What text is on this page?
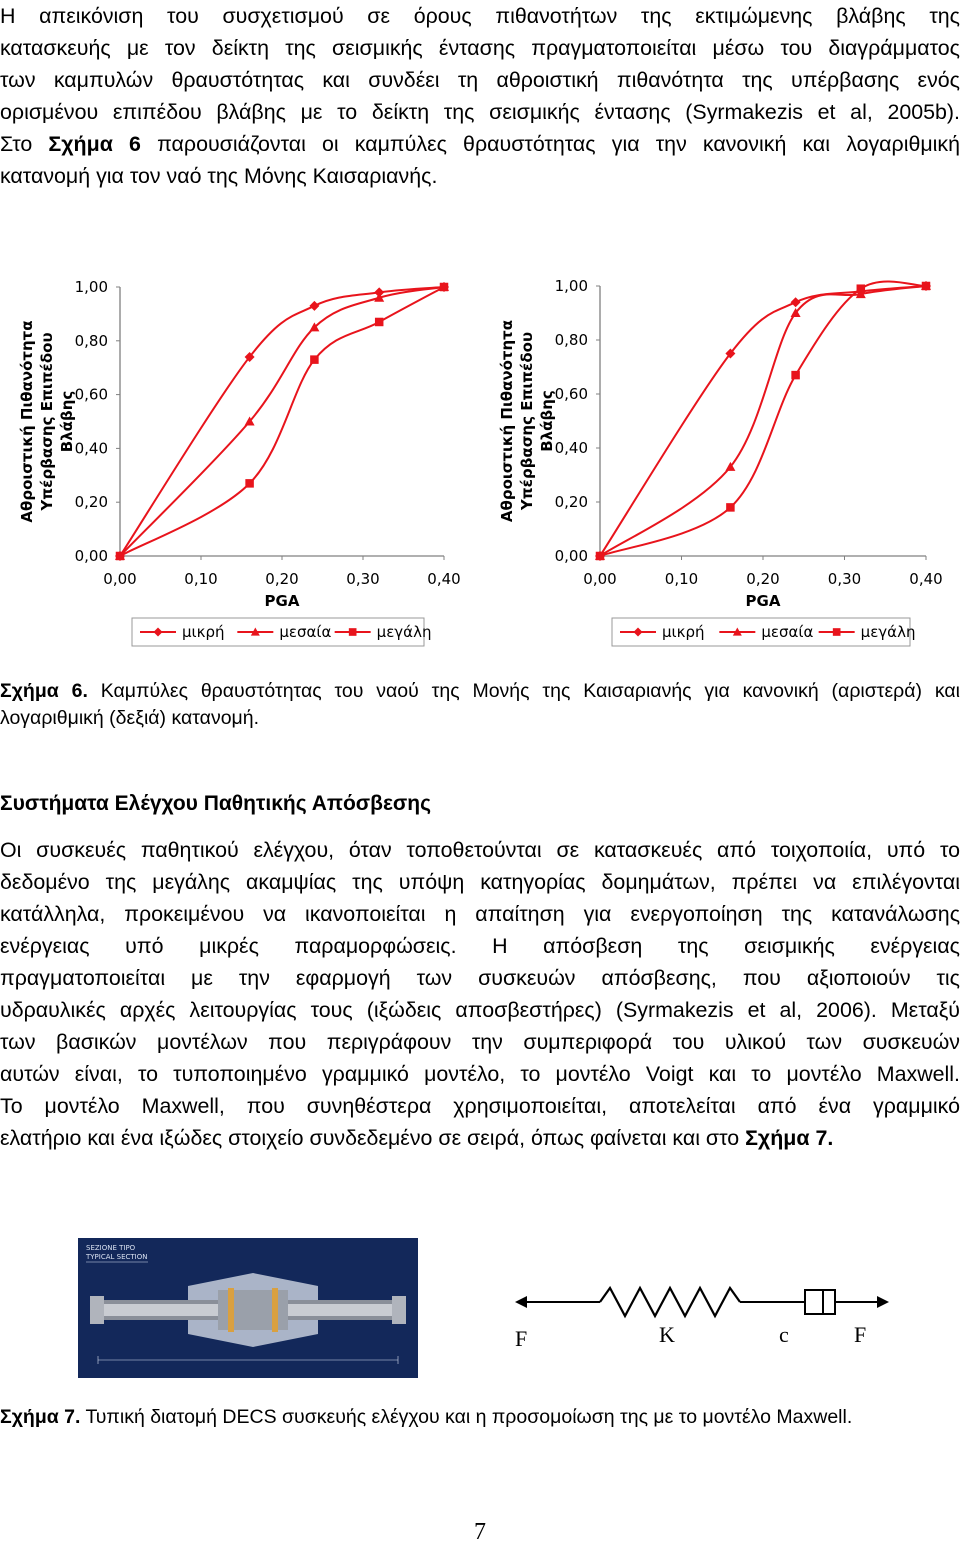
Η απεικόνιση του συσχετισμού σε όρους πιθανοτήτων της εκτιμώμενης βλάβης της
κατασκευής με τον δείκτη της σεισμικής έντασης πραγματοποιείται μέσω του διαγράμματος
των καμπυλών θραυστότητας και συνδέει τη αθροιστική πιθανότητα της υπέρβασης ενός
ορισμένου επιπέδου βλάβης με το δείκτη της σεισμικής έντασης (Syrmakezis et al, 2005b).
Στο Σχήμα 6 παρουσιάζονται οι καμπύλες θραυστότητας για την κανονική και λογαριθμική
κατανομή για τον ναό της Μόνης Καισαριανής.
0,00
0,20
0,40
0,60
0,80
1,00
0,00	0,10	0,20	0,30	0,40
PGA
Αθροιστική Πιθανότητα Υπέρβασης Επιπέδου Βλάβης
μικρή	μεσαία	μεγάλη
0,00
0,20
0,40
0,60
0,80
1,00
0,00	0,10	0,20	0,30	0,40
PGA
Αθροιστική Πιθανότητα Υπέρβασης Επιπέδου Βλάβης
μικρή	μεσαία	μεγάλη
Σχήμα 6. Καμπύλες θραυστότητας του ναού της Μονής της Καισαριανής για κανονική (αριστερά) και
λογαριθμική (δεξιά) κατανομή.
Συστήματα Ελέγχου Παθητικής Απόσβεσης
Οι συσκευές παθητικού ελέγχου, όταν τοποθετούνται σε κατασκευές από τοιχοποιία, υπό το
δεδομένο της μεγάλης ακαμψίας της υπόψη κατηγορίας δομημάτων, πρέπει να επιλέγονται
κατάλληλα, προκειμένου να ικανοποιείται η απαίτηση για ενεργοποίηση της κατανάλωσης
ενέργειας υπό μικρές παραμορφώσεις. Η απόσβεση της σεισμικής ενέργειας
πραγματοποιείται με την εφαρμογή των συσκευών απόσβεσης, που αξιοποιούν τις
υδραυλικές αρχές λειτουργίας τους (ιξώδεις αποσβεστήρες) (Syrmakezis et al, 2006). Μεταξύ
των βασικών μοντέλων που περιγράφουν την συμπεριφορά του υλικού των συσκευών
αυτών είναι, το τυποποιημένο γραμμικό μοντέλο, το μοντέλο Voigt και το μοντέλο Maxwell.
Το μοντέλο Maxwell, που συνηθέστερα χρησιμοποιείται, αποτελείται από ένα γραμμικό
ελατήριο και ένα ιξώδες στοιχείο συνδεδεμένο σε σειρά, όπως φαίνεται και στο Σχήμα 7.
SEZIONE TIPO
TYPICAL SECTION
F	K	c	F
Σχήμα 7. Τυπική διατομή DECS συσκευής ελέγχου και η προσομοίωση της με το μοντέλο Maxwell.
7
